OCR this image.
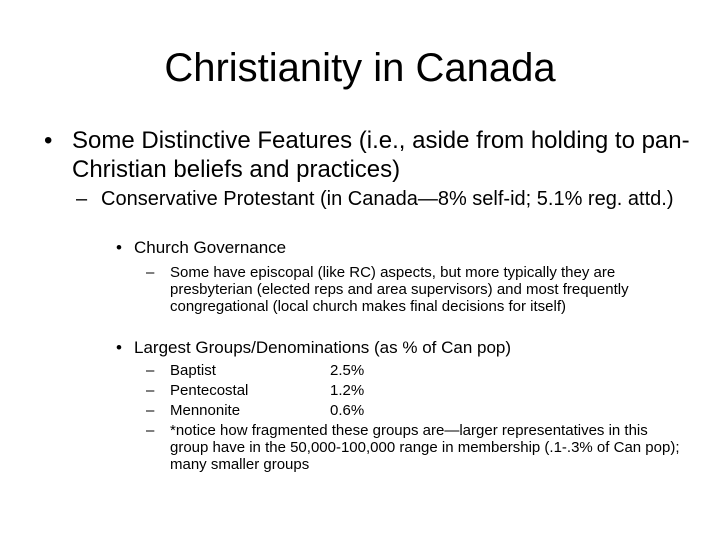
Christianity in Canada
• Some Distinctive Features (i.e., aside from holding to pan-Christian beliefs and practices)
– Conservative Protestant (in Canada—8% self-id; 5.1% reg. attd.)
• Church Governance
– Some have episcopal (like RC) aspects, but more typically they are presbyterian (elected reps and area supervisors) and most frequently congregational (local church makes final decisions for itself)
• Largest Groups/Denominations (as % of Can pop)
– Baptist	2.5%
– Pentecostal	1.2%
– Mennonite	0.6%
– *notice how fragmented these groups are—larger representatives in this group have in the 50,000-100,000 range in membership (.1-.3% of Can pop); many smaller groups
